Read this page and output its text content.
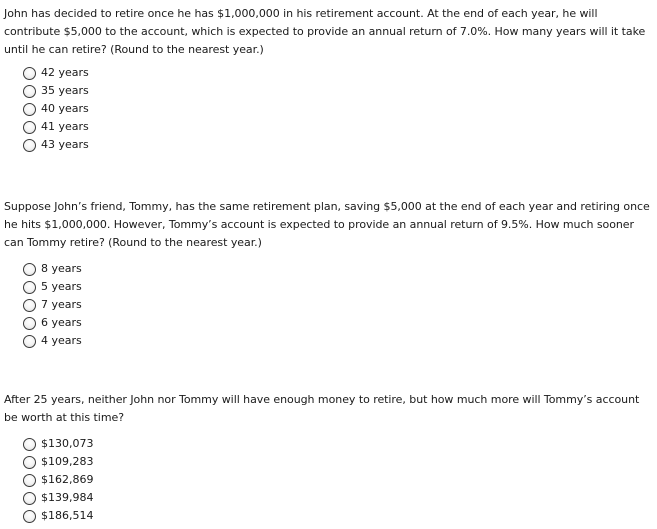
John has decided to retire once he has $1,000,000 in his retirement account. At the end of each year, he will contribute $5,000 to the account, which is expected to provide an annual return of 7.0%. How many years will it take until he can retire? (Round to the nearest year.)

42 years
35 years
40 years
41 years
43 years

Suppose John’s friend, Tommy, has the same retirement plan, saving $5,000 at the end of each year and retiring once he hits $1,000,000. However, Tommy’s account is expected to provide an annual return of 9.5%. How much sooner can Tommy retire? (Round to the nearest year.)

8 years
5 years
7 years
6 years
4 years

After 25 years, neither John nor Tommy will have enough money to retire, but how much more will Tommy’s account be worth at this time?

$130,073
$109,283
$162,869
$139,984
$186,514
